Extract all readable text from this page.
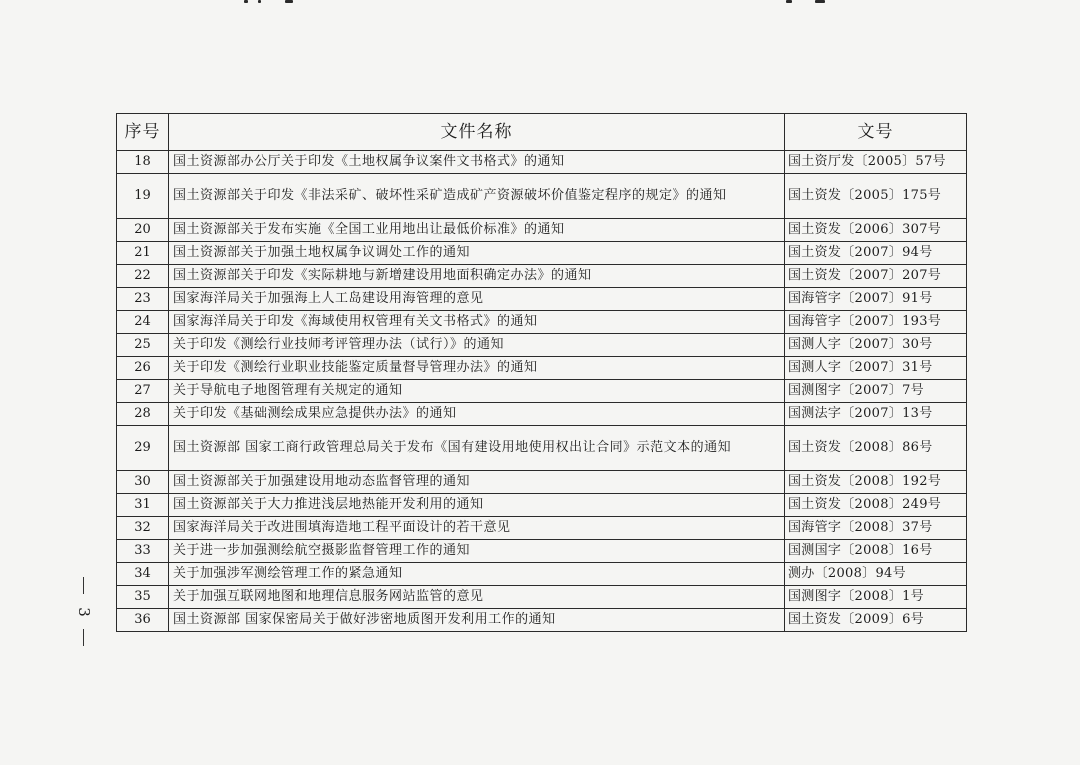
序号	文件名称	文号
18	国土资源部办公厅关于印发《土地权属争议案件文书格式》的通知	国土资厅发〔2005〕57号
19	国土资源部关于印发《非法采矿、破坏性采矿造成矿产资源破坏价值鉴定程序的规定》的通知	国土资发〔2005〕175号
20	国土资源部关于发布实施《全国工业用地出让最低价标准》的通知	国土资发〔2006〕307号
21	国土资源部关于加强土地权属争议调处工作的通知	国土资发〔2007〕94号
22	国土资源部关于印发《实际耕地与新增建设用地面积确定办法》的通知	国土资发〔2007〕207号
23	国家海洋局关于加强海上人工岛建设用海管理的意见	国海管字〔2007〕91号
24	国家海洋局关于印发《海域使用权管理有关文书格式》的通知	国海管字〔2007〕193号
25	关于印发《测绘行业技师考评管理办法（试行）》的通知	国测人字〔2007〕30号
26	关于印发《测绘行业职业技能鉴定质量督导管理办法》的通知	国测人字〔2007〕31号
27	关于导航电子地图管理有关规定的通知	国测图字〔2007〕7号
28	关于印发《基础测绘成果应急提供办法》的通知	国测法字〔2007〕13号
29	国土资源部 国家工商行政管理总局关于发布《国有建设用地使用权出让合同》示范文本的通知	国土资发〔2008〕86号
30	国土资源部关于加强建设用地动态监督管理的通知	国土资发〔2008〕192号
31	国土资源部关于大力推进浅层地热能开发利用的通知	国土资发〔2008〕249号
32	国家海洋局关于改进围填海造地工程平面设计的若干意见	国海管字〔2008〕37号
33	关于进一步加强测绘航空摄影监督管理工作的通知	国测国字〔2008〕16号
34	关于加强涉军测绘管理工作的紧急通知	测办〔2008〕94号
35	关于加强互联网地图和地理信息服务网站监管的意见	国测图字〔2008〕1号
36	国土资源部 国家保密局关于做好涉密地质图开发利用工作的通知	国土资发〔2009〕6号
3
